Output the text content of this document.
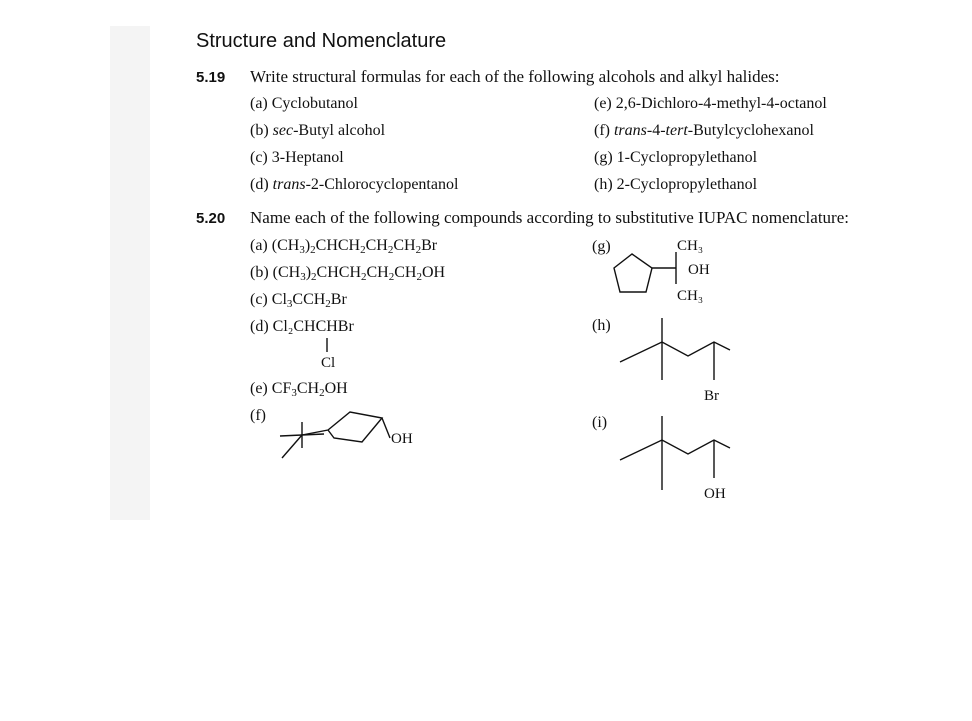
Structure and Nomenclature
5.19 Write structural formulas for each of the following alcohols and alkyl halides:
(a) Cyclobutanol
(b) sec-Butyl alcohol
(c) 3-Heptanol
(d) trans-2-Chlorocyclopentanol
(e) 2,6-Dichloro-4-methyl-4-octanol
(f) trans-4-tert-Butylcyclohexanol
(g) 1-Cyclopropylethanol
(h) 2-Cyclopropylethanol
5.20 Name each of the following compounds according to substitutive IUPAC nomenclature:
(a) $(CH_3)_2CHCH_2CH_2CH_2Br$
(b) $(CH_3)_2CHCH_2CH_2CH_2OH$
(c) $Cl_3CCH_2Br$
(d) Cl₂CHCHBr
Cl
(e) $CF_3CH_2OH$
(f)
OH
(g)	CH₃
OH
CH₃
(h)
Br
(i)
OH
